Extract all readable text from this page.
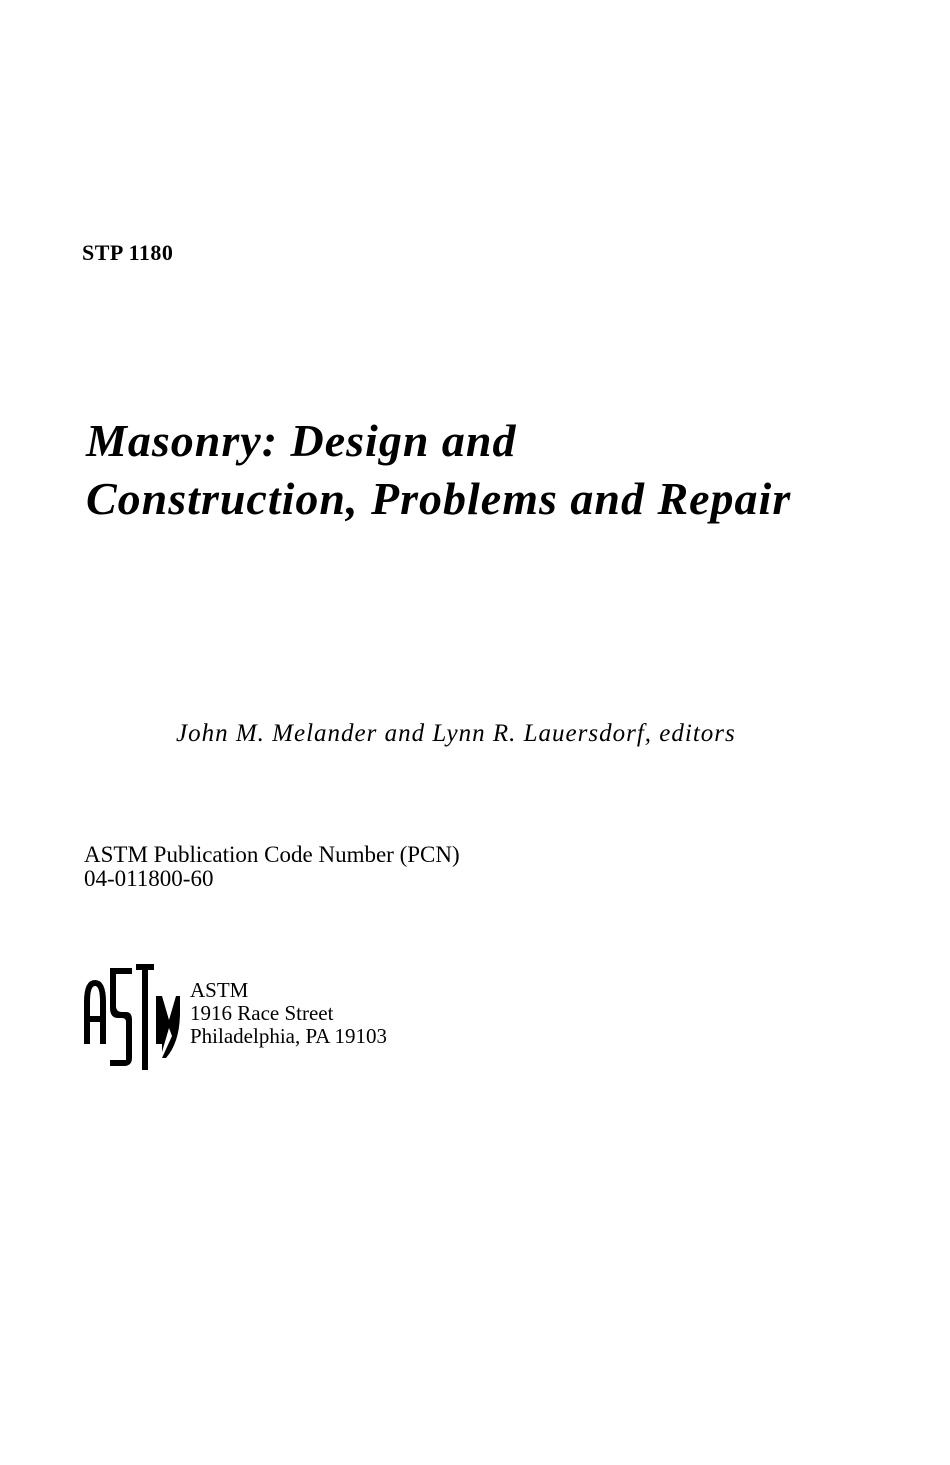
STP 1180
Masonry: Design and
Construction, Problems and Repair
John M. Melander and Lynn R. Lauersdorf, editors
ASTM Publication Code Number (PCN)
04-011800-60
ASTM
1916 Race Street
Philadelphia, PA 19103
